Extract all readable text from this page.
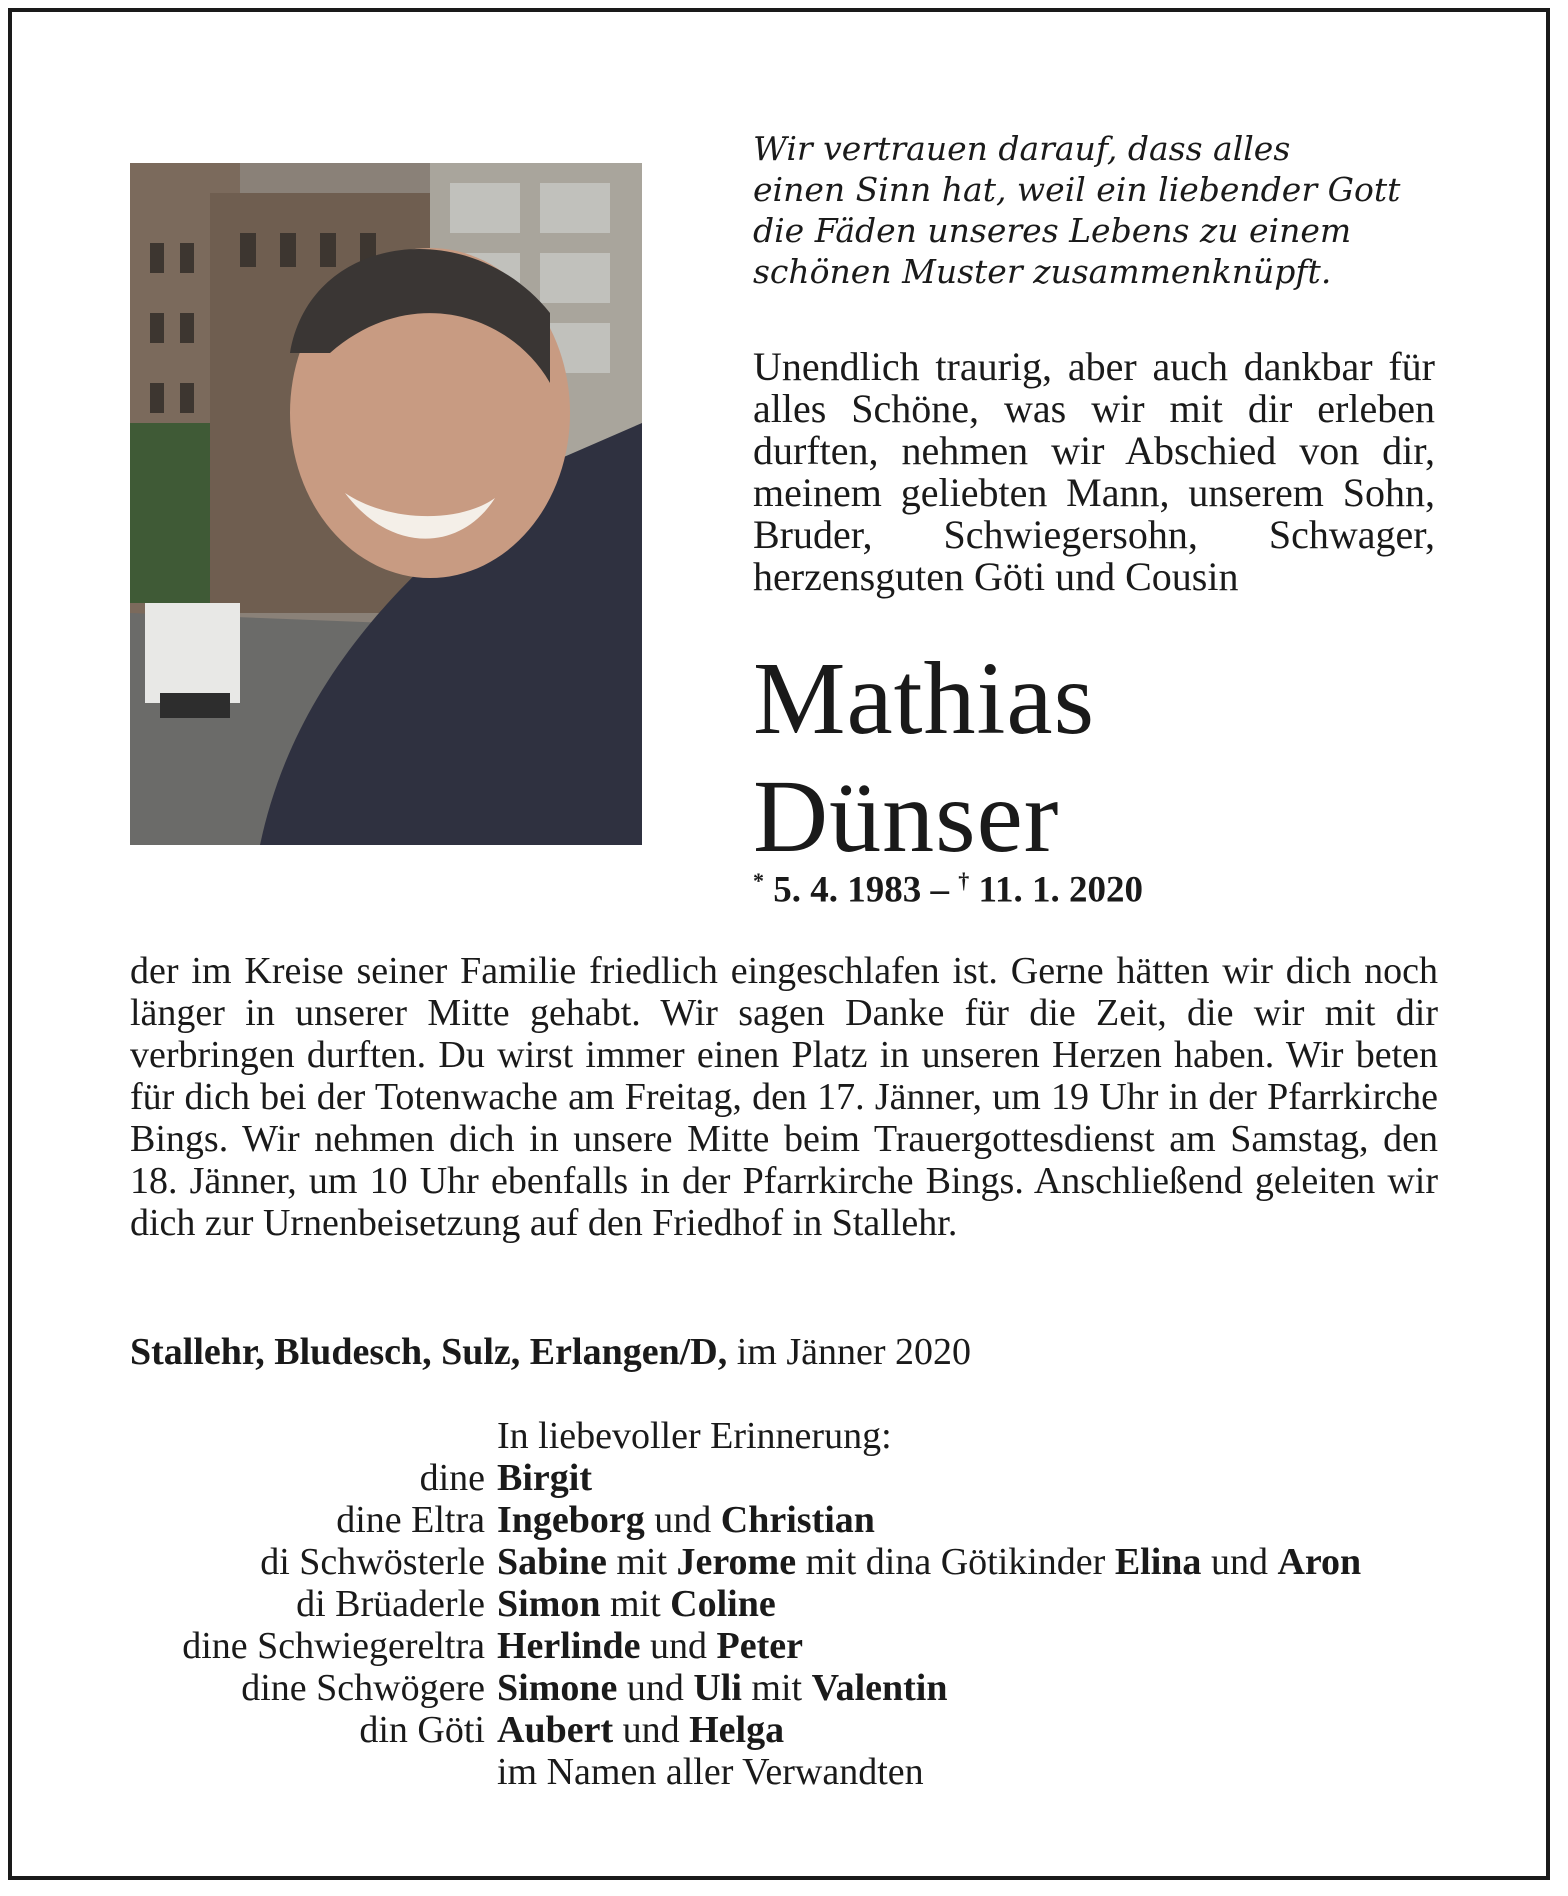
Wir vertrauen darauf, dass alles
einen Sinn hat, weil ein liebender Gott
die Fäden unseres Lebens zu einem
schönen Muster zusammenknüpft.
Unendlich traurig, aber auch dankbar für alles Schöne, was wir mit dir erleben durften, nehmen wir Abschied von dir, meinem geliebten Mann, unserem Sohn, Bruder, Schwiegersohn, Schwager, herzensguten Göti und Cousin
Mathias
Dünser
* 5. 4. 1983 – † 11. 1. 2020
der im Kreise seiner Familie friedlich eingeschlafen ist. Gerne hätten wir dich noch länger in unserer Mitte gehabt. Wir sagen Danke für die Zeit, die wir mit dir verbringen durften. Du wirst immer einen Platz in unseren Herzen haben. Wir beten für dich bei der Totenwache am Freitag, den 17. Jänner, um 19 Uhr in der Pfarrkirche Bings. Wir nehmen dich in unsere Mitte beim Trauergottesdienst am Samstag, den 18. Jänner, um 10 Uhr ebenfalls in der Pfarrkirche Bings. Anschließend geleiten wir dich zur Urnenbeisetzung auf den Friedhof in Stallehr.
Stallehr, Bludesch, Sulz, Erlangen/D, im Jänner 2020
In liebevoller Erinnerung:
dine Birgit
dine Eltra Ingeborg und Christian
di Schwösterle Sabine mit Jerome mit dina Götikinder Elina und Aron
di Brüaderle Simon mit Coline
dine Schwiegereltra Herlinde und Peter
dine Schwögere Simone und Uli mit Valentin
din Göti Aubert und Helga
im Namen aller Verwandten
